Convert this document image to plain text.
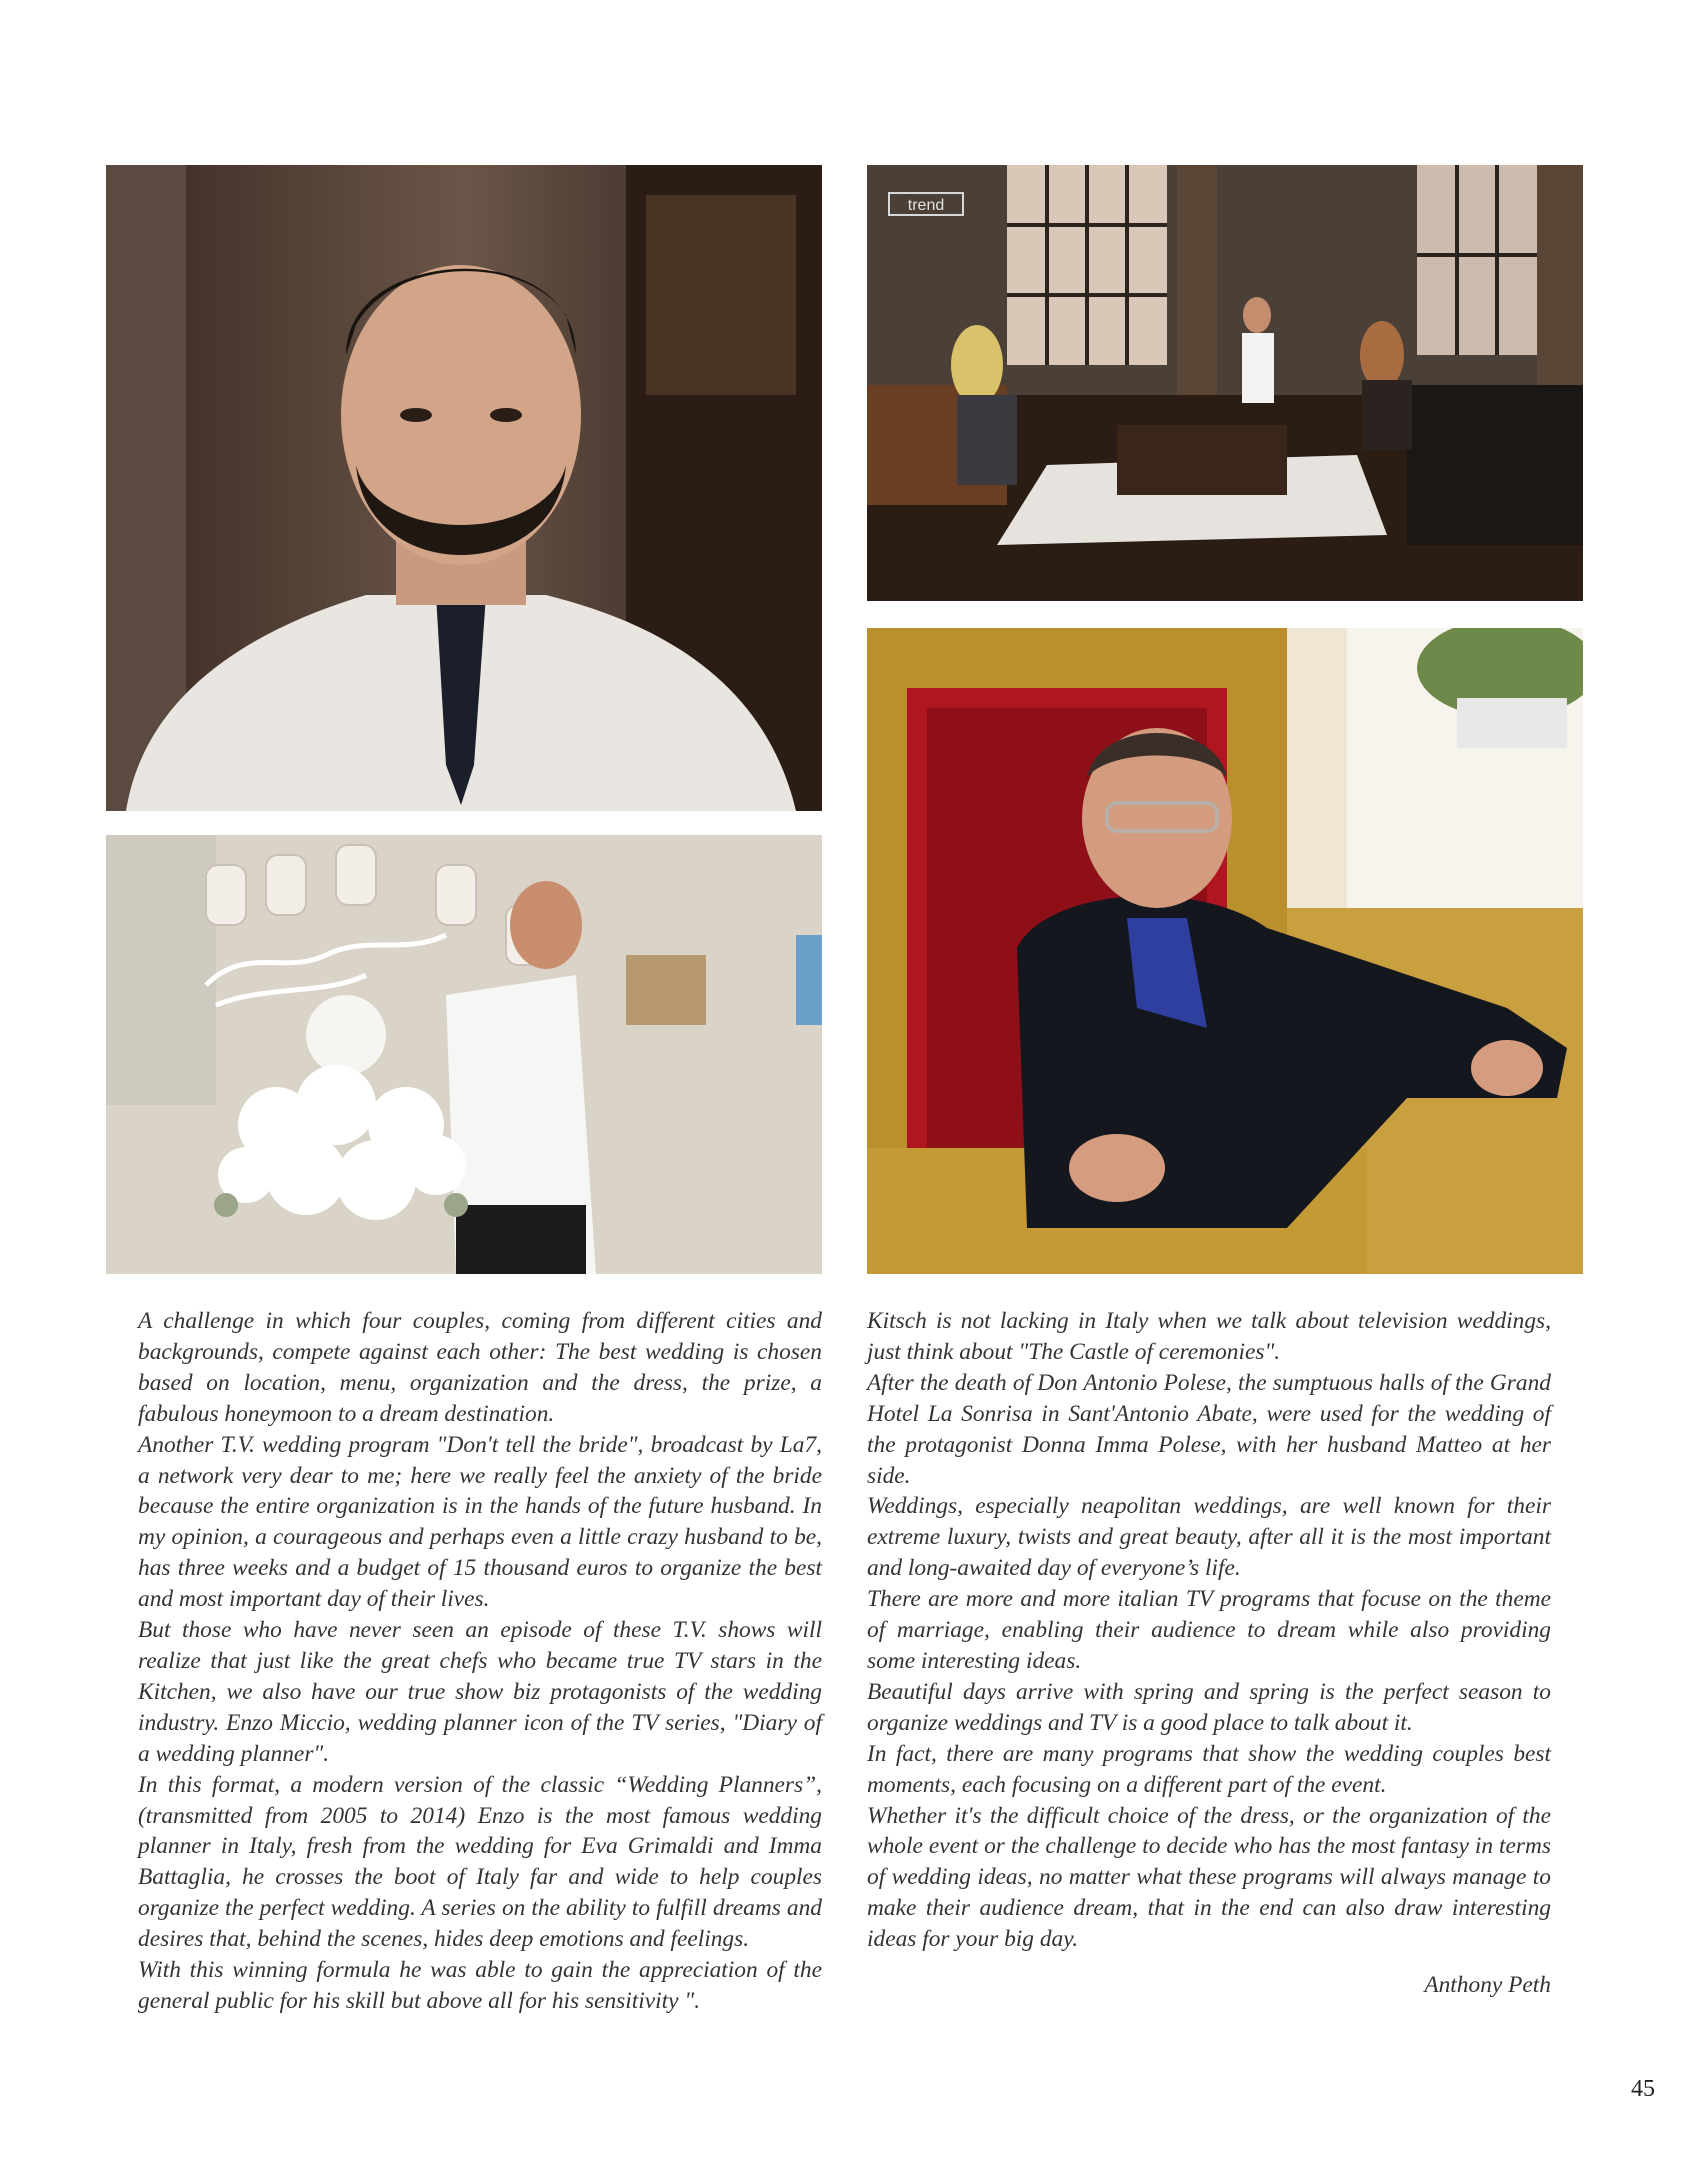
trend

A challenge in which four couples, coming from different cities and backgrounds, compete against each other: The best wedding is chosen based on location, menu, organization and the dress, the prize, a fabulous honeymoon to a dream destination.

Another T.V. wedding program "Don't tell the bride", broadcast by La7, a network very dear to me; here we really feel the anxiety of the bride because the entire organization is in the hands of the future husband. In my opinion, a courageous and perhaps even a little crazy husband to be, has three weeks and a budget of 15 thousand euros to organize the best and most important day of their lives.

But those who have never seen an episode of these T.V. shows will realize that just like the great chefs who became true TV stars in the Kitchen, we also have our true show biz protagonists of the wedding industry. Enzo Miccio, wedding planner icon of the TV series, "Diary of a wedding planner".

In this format, a modern version of the classic “Wedding Planners”, (transmitted from 2005 to 2014) Enzo is the most famous wedding planner in Italy, fresh from the wedding for Eva Grimaldi and Imma Battaglia, he crosses the boot of Italy far and wide to help couples organize the perfect wedding. A series on the ability to fulfill dreams and desires that, behind the scenes, hides deep emotions and feelings.

With this winning formula he was able to gain the appreciation of the general public for his skill but above all for his sensitivity ".

Kitsch is not lacking in Italy when we talk about television weddings, just think about "The Castle of ceremonies".

After the death of Don Antonio Polese, the sumptuous halls of the Grand Hotel La Sonrisa in Sant'Antonio Abate, were used for the wedding of the protagonist Donna Imma Polese, with her husband Matteo at her side.

Weddings, especially neapolitan weddings, are well known for their extreme luxury, twists and great beauty, after all it is the most important and long-awaited day of everyone’s life.

There are more and more italian TV programs that focuse on the theme of marriage, enabling their audience to dream while also providing some interesting ideas.

Beautiful days arrive with spring and spring is the perfect season to organize weddings and TV is a good place to talk about it.

In fact, there are many programs that show the wedding couples best moments, each focusing on a different part of the event.

Whether it's the difficult choice of the dress, or the organization of the whole event or the challenge to decide who has the most fantasy in terms of wedding ideas, no matter what these programs will always manage to make their audience dream, that in the end can also draw interesting ideas for your big day.

Anthony Peth

45
